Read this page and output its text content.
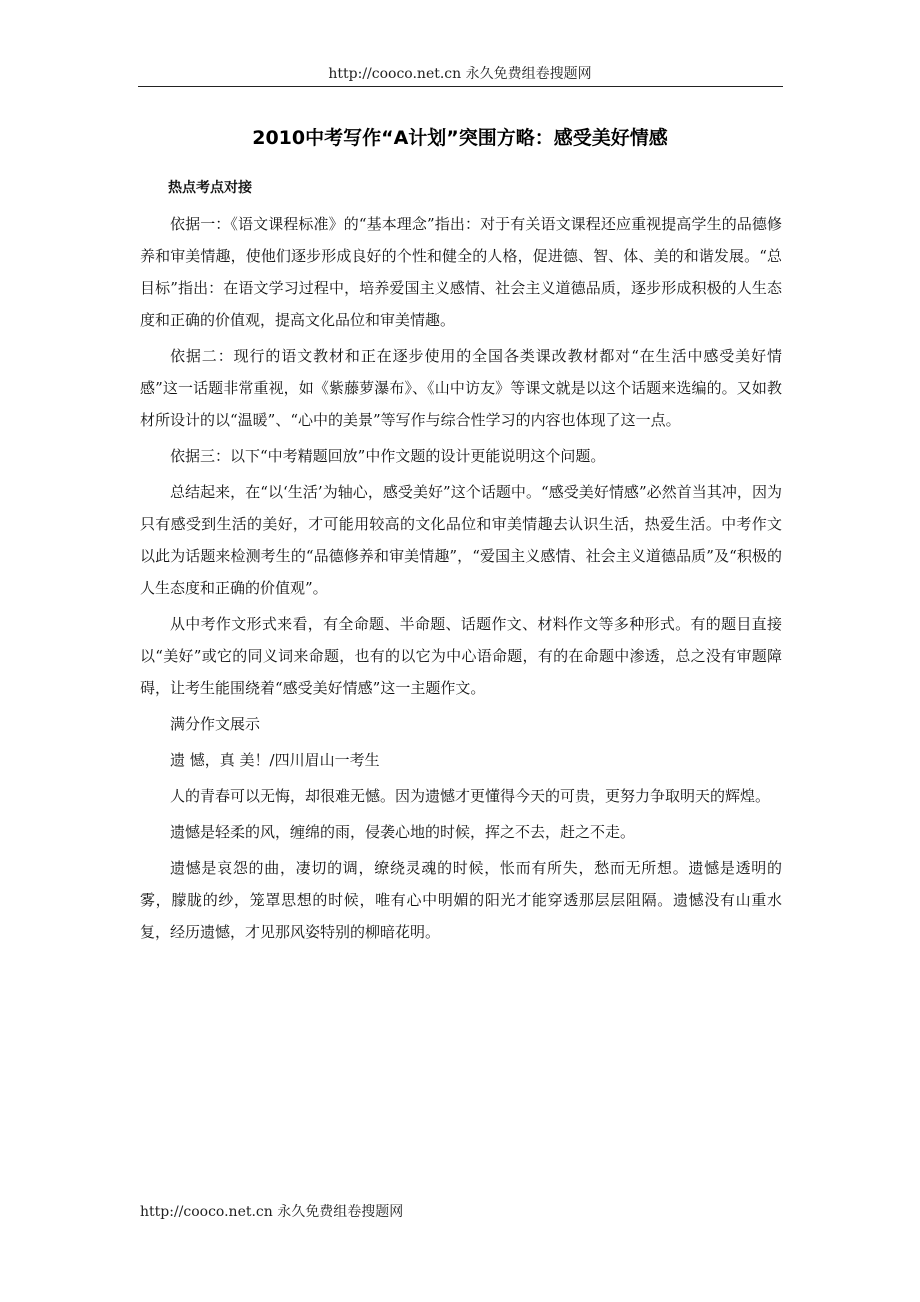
http://cooco.net.cn 永久免费组卷搜题网
2010中考写作“A计划”突围方略：感受美好情感

热点考点对接

依据一：《语文课程标准》的“基本理念”指出：对于有关语文课程还应重视提高学生的品德修养和审美情趣，使他们逐步形成良好的个性和健全的人格，促进德、智、体、美的和谐发展。“总目标”指出：在语文学习过程中，培养爱国主义感情、社会主义道德品质，逐步形成积极的人生态度和正确的价值观，提高文化品位和审美情趣。

依据二：现行的语文教材和正在逐步使用的全国各类课改教材都对“在生活中感受美好情感”这一话题非常重视，如《紫藤萝瀑布》、《山中访友》等课文就是以这个话题来选编的。又如教材所设计的以“温暖”、“心中的美景”等写作与综合性学习的内容也体现了这一点。

依据三：以下“中考精题回放”中作文题的设计更能说明这个问题。

总结起来，在“以‘生活’为轴心，感受美好”这个话题中。“感受美好情感”必然首当其冲，因为只有感受到生活的美好，才可能用较高的文化品位和审美情趣去认识生活，热爱生活。中考作文以此为话题来检测考生的“品德修养和审美情趣”，“爱国主义感情、社会主义道德品质”及“积极的人生态度和正确的价值观”。

从中考作文形式来看，有全命题、半命题、话题作文、材料作文等多种形式。有的题目直接以“美好”或它的同义词来命题，也有的以它为中心语命题，有的在命题中渗透，总之没有审题障碍，让考生能围绕着“感受美好情感”这一主题作文。

满分作文展示

遗 憾，真 美！/四川眉山一考生

人的青春可以无悔，却很难无憾。因为遗憾才更懂得今天的可贵，更努力争取明天的辉煌。

遗憾是轻柔的风，缠绵的雨，侵袭心地的时候，挥之不去，赶之不走。

遗憾是哀怨的曲，凄切的调，缭绕灵魂的时候，怅而有所失，愁而无所想。遗憾是透明的雾，朦胧的纱，笼罩思想的时候，唯有心中明媚的阳光才能穿透那层层阻隔。遗憾没有山重水复，经历遗憾，才见那风姿特别的柳暗花明。

http://cooco.net.cn 永久免费组卷搜题网
